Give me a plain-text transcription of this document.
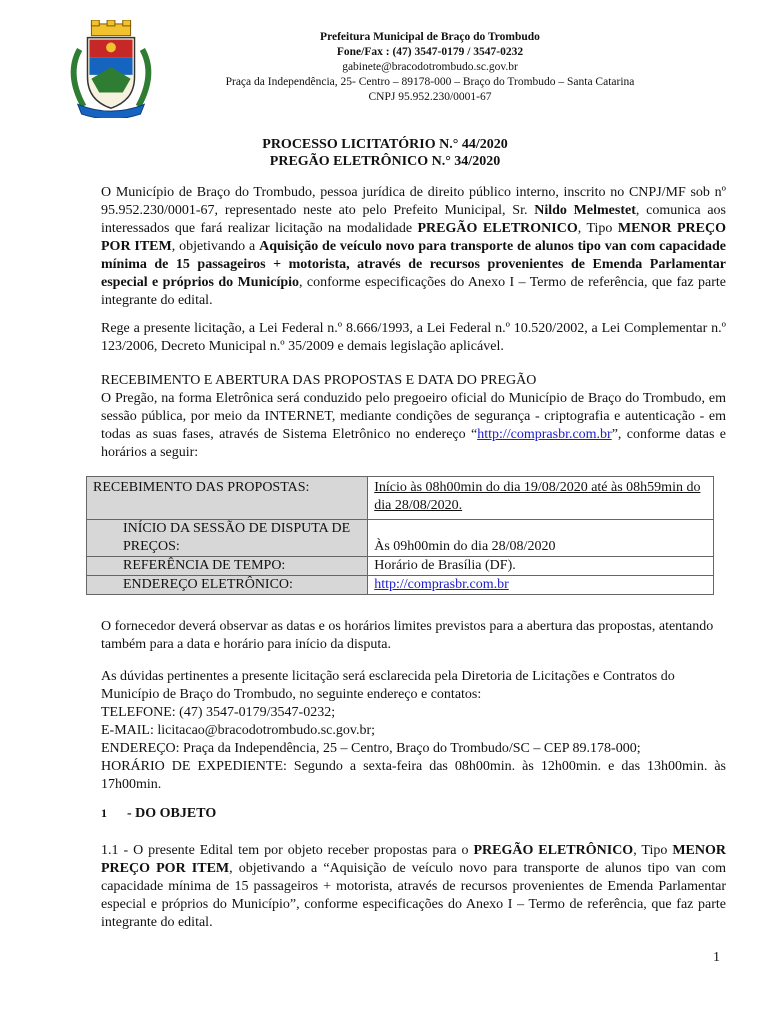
Prefeitura Municipal de Braço do Trombudo
Fone/Fax : (47) 3547-0179 / 3547-0232
gabinete@bracodotrombudo.sc.gov.br
Praça da Independência, 25- Centro – 89178-000 – Braço do Trombudo – Santa Catarina
CNPJ 95.952.230/0001-67
PROCESSO LICITATÓRIO N.° 44/2020
PREGÃO ELETRÔNICO N.° 34/2020

O Município de Braço do Trombudo, pessoa jurídica de direito público interno, inscrito no CNPJ/MF sob nº 95.952.230/0001-67, representado neste ato pelo Prefeito Municipal, Sr. Nildo Melmestet, comunica aos interessados que fará realizar licitação na modalidade PREGÃO ELETRONICO, Tipo MENOR PREÇO POR ITEM, objetivando a Aquisição de veículo novo para transporte de alunos tipo van com capacidade mínima de 15 passageiros + motorista, através de recursos provenientes de Emenda Parlamentar especial e próprios do Município, conforme especificações do Anexo I – Termo de referência, que faz parte integrante do edital.

Rege a presente licitação, a Lei Federal n.º 8.666/1993, a Lei Federal n.º 10.520/2002, a Lei Complementar n.º 123/2006, Decreto Municipal n.º 35/2009 e demais legislação aplicável.

RECEBIMENTO E ABERTURA DAS PROPOSTAS E DATA DO PREGÃO

O Pregão, na forma Eletrônica será conduzido pelo pregoeiro oficial do Município de Braço do Trombudo, em sessão pública, por meio da INTERNET, mediante condições de segurança - criptografia e autenticação - em todas as suas fases, através de Sistema Eletrônico no endereço “http://comprasbr.com.br”, conforme datas e horários a seguir:

RECEBIMENTO DAS PROPOSTAS:	Início às 08h00min do dia 19/08/2020 até às 08h59min do dia 28/08/2020.
INÍCIO DA SESSÃO DE DISPUTA DE PREÇOS:	Às 09h00min do dia 28/08/2020
REFERÊNCIA DE TEMPO:	Horário de Brasília (DF).
ENDEREÇO ELETRÔNICO:	http://comprasbr.com.br

O fornecedor deverá observar as datas e os horários limites previstos para a abertura das propostas, atentando também para a data e horário para início da disputa.

As dúvidas pertinentes a presente licitação será esclarecida pela Diretoria de Licitações e Contratos do Município de Braço do Trombudo, no seguinte endereço e contatos:

TELEFONE: (47) 3547-0179/3547-0232;

E-MAIL: licitacao@bracodotrombudo.sc.gov.br;

ENDEREÇO: Praça da Independência, 25 – Centro, Braço do Trombudo/SC – CEP 89.178-000;

HORÁRIO DE EXPEDIENTE: Segundo a sexta-feira das 08h00min. às 12h00min. e das 13h00min. às 17h00min.

1 - DO OBJETO

1.1 - O presente Edital tem por objeto receber propostas para o PREGÃO ELETRÔNICO, Tipo MENOR PREÇO POR ITEM, objetivando a “Aquisição de veículo novo para transporte de alunos tipo van com capacidade mínima de 15 passageiros + motorista, através de recursos provenientes de Emenda Parlamentar especial e próprios do Município”, conforme especificações do Anexo I – Termo de referência, que faz parte integrante do edital.

1
